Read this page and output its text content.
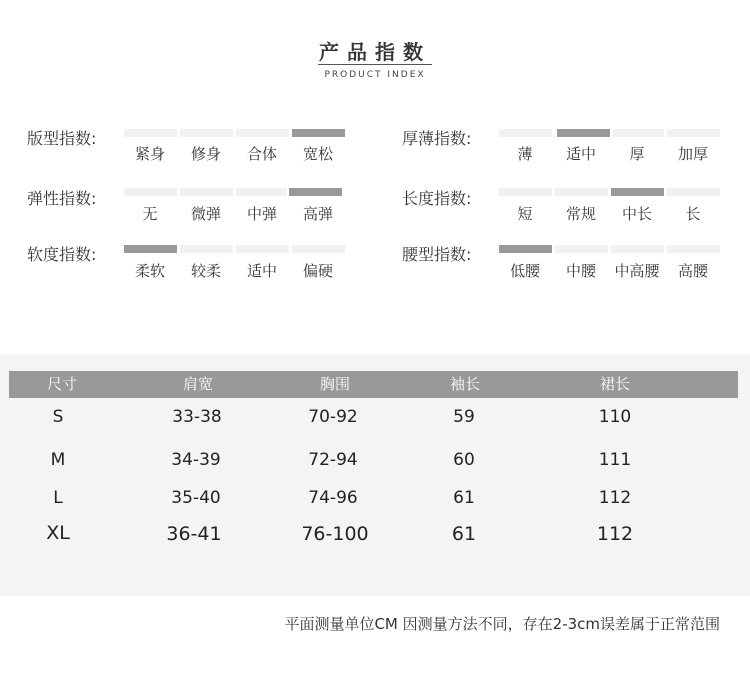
产品指数
PRODUCT INDEX
版型指数:
紧身	修身	合体	宽松
厚薄指数:
薄	适中	厚	加厚
弹性指数:
无	微弹	中弹	高弹
长度指数:
短	常规	中长	长
软度指数:
柔软	较柔	适中	偏硬
腰型指数:
低腰	中腰	中高腰	高腰
尺寸	肩宽	胸围	袖长	裙长
S	33-38	70-92	59	110
M	34-39	72-94	60	111
L	35-40	74-96	61	112
XL	36-41	76-100	61	112
平面测量单位CM 因测量方法不同，存在2-3cm误差属于正常范围
